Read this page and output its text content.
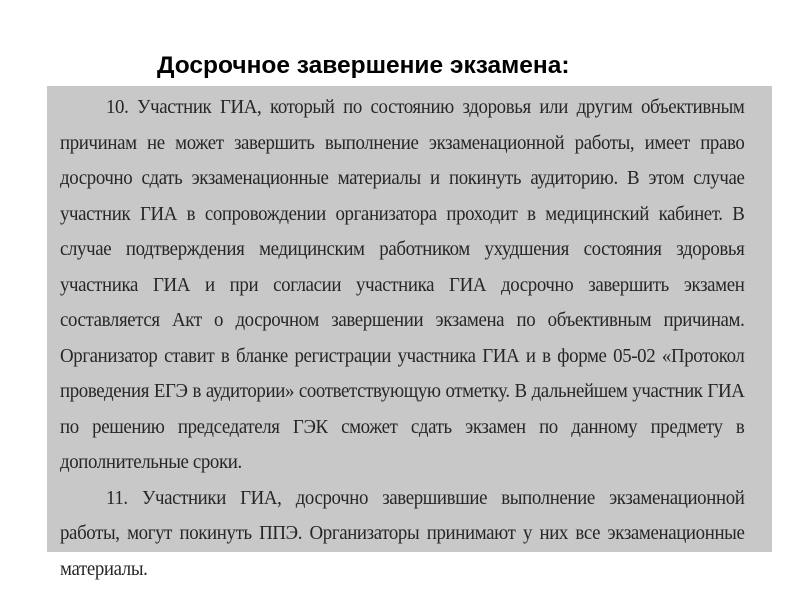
10. Участник ГИА, который по состоянию здоровья или другим объективным причинам не может завершить выполнение экзаменационной работы, имеет право досрочно сдать экзаменационные материалы и покинуть аудиторию. В этом случае участник ГИА в сопровождении организатора проходит в медицинский кабинет. В случае подтверждения медицинским работником ухудшения состояния здоровья участника ГИА и при согласии участника ГИА досрочно завершить экзамен составляется Акт о досрочном завершении экзамена по объективным причинам. Организатор ставит в бланке регистрации участника ГИА и в форме 05-02 «Протокол проведения ЕГЭ в аудитории» соответствующую отметку. В дальнейшем участник ГИА по решению председателя ГЭК сможет сдать экзамен по данному предмету в дополнительные сроки.

11. Участники ГИА, досрочно завершившие выполнение экзаменационной работы, могут покинуть ППЭ. Организаторы принимают у них все экзаменационные материалы.

Досрочное завершение экзамена:
